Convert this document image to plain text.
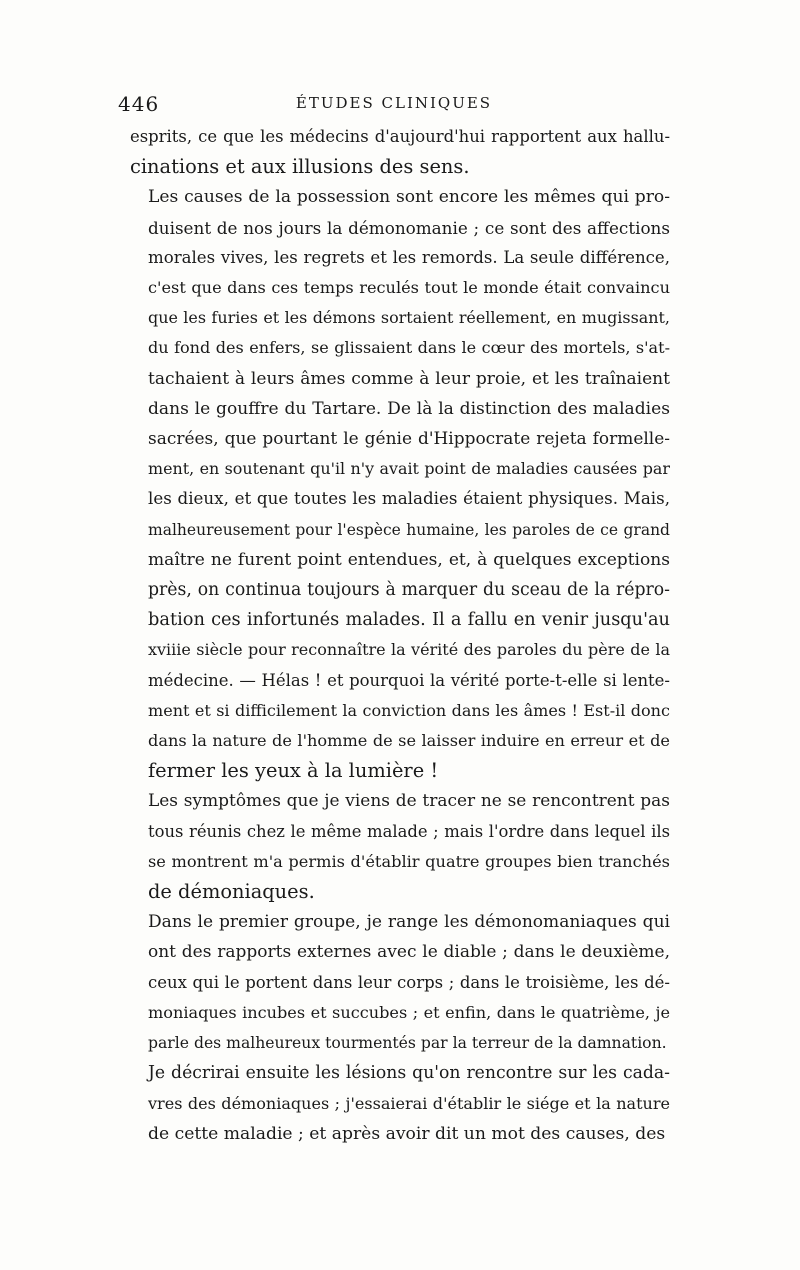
446	ÉTUDES CLINIQUES

esprits, ce que les médecins d'aujourd'hui rapportent aux hallu-
cinations et aux illusions des sens.

Les causes de la possession sont encore les mêmes qui pro-
duisent de nos jours la démonomanie ; ce sont des affections
morales vives, les regrets et les remords. La seule différence,
c'est que dans ces temps reculés tout le monde était convaincu
que les furies et les démons sortaient réellement, en mugissant,
du fond des enfers, se glissaient dans le cœur des mortels, s'at-
tachaient à leurs âmes comme à leur proie, et les traînaient
dans le gouffre du Tartare. De là la distinction des maladies
sacrées, que pourtant le génie d'Hippocrate rejeta formelle-
ment, en soutenant qu'il n'y avait point de maladies causées par
les dieux, et que toutes les maladies étaient physiques. Mais,
malheureusement pour l'espèce humaine, les paroles de ce grand
maître ne furent point entendues, et, à quelques exceptions
près, on continua toujours à marquer du sceau de la répro-
bation ces infortunés malades. Il a fallu en venir jusqu'au
xviiie siècle pour reconnaître la vérité des paroles du père de la
médecine. — Hélas ! et pourquoi la vérité porte-t-elle si lente-
ment et si difficilement la conviction dans les âmes ! Est-il donc
dans la nature de l'homme de se laisser induire en erreur et de
fermer les yeux à la lumière !

Les symptômes que je viens de tracer ne se rencontrent pas
tous réunis chez le même malade ; mais l'ordre dans lequel ils
se montrent m'a permis d'établir quatre groupes bien tranchés
de démoniaques.

Dans le premier groupe, je range les démonomaniaques qui
ont des rapports externes avec le diable ; dans le deuxième,
ceux qui le portent dans leur corps ; dans le troisième, les dé-
moniaques incubes et succubes ; et enfin, dans le quatrième, je
parle des malheureux tourmentés par la terreur de la damnation.

Je décrirai ensuite les lésions qu'on rencontre sur les cada-
vres des démoniaques ; j'essaierai d'établir le siége et la nature
de cette maladie ; et après avoir dit un mot des causes, des
